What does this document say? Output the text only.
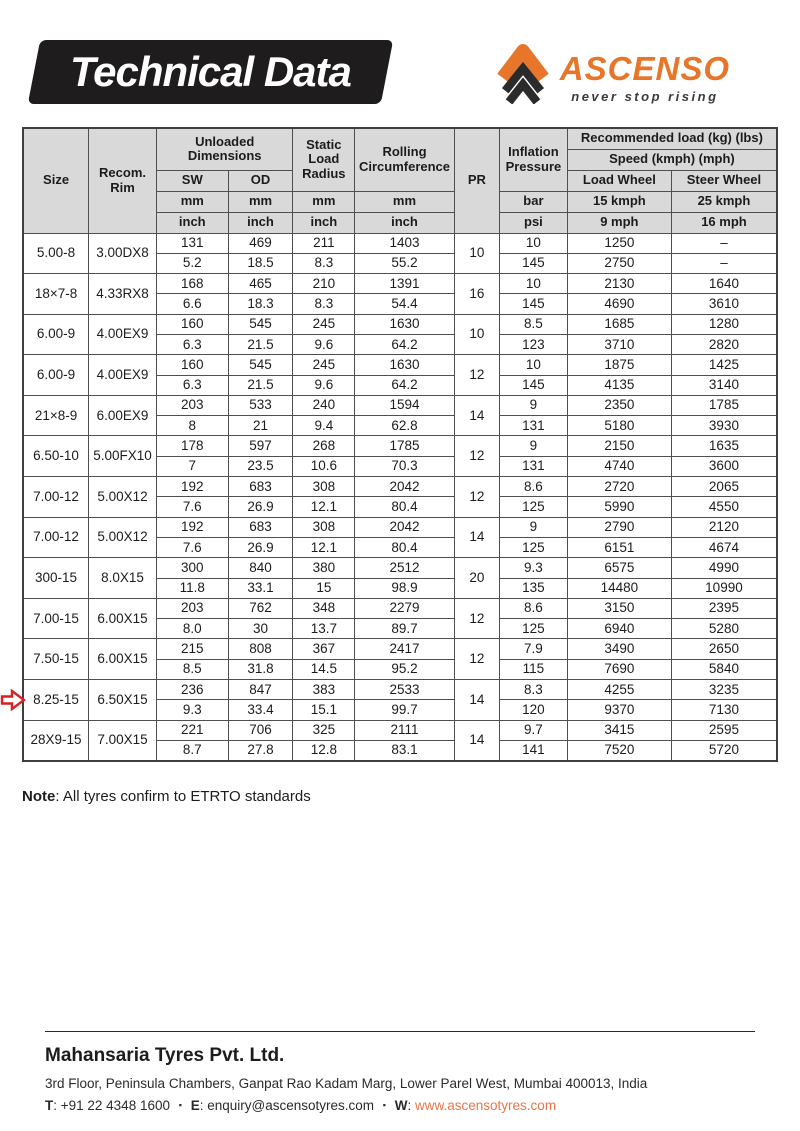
Technical Data	ASCENSO
never stop rising
Size	Recom. Rim	Unloaded Dimensions		Static Load Radius	Rolling Circumference	PR	Inflation Pressure	Recommended load (kg) (lbs)	
								Speed (kmph) (mph)	
		SW	OD					Load Wheel	Steer Wheel
		mm	mm	mm	mm		bar	15 kmph	25 kmph
		inch	inch	inch	inch		psi	9 mph	16 mph
5.00-8	3.00DX8	131	469	211	1403	10	10	1250	–
		5.2	18.5	8.3	55.2		145	2750	–
18×7-8	4.33RX8	168	465	210	1391	16	10	2130	1640
		6.6	18.3	8.3	54.4		145	4690	3610
6.00-9	4.00EX9	160	545	245	1630	10	8.5	1685	1280
		6.3	21.5	9.6	64.2		123	3710	2820
6.00-9	4.00EX9	160	545	245	1630	12	10	1875	1425
		6.3	21.5	9.6	64.2		145	4135	3140
21×8-9	6.00EX9	203	533	240	1594	14	9	2350	1785
		8	21	9.4	62.8		131	5180	3930
6.50-10	5.00FX10	178	597	268	1785	12	9	2150	1635
		7	23.5	10.6	70.3		131	4740	3600
7.00-12	5.00X12	192	683	308	2042	12	8.6	2720	2065
		7.6	26.9	12.1	80.4		125	5990	4550
7.00-12	5.00X12	192	683	308	2042	14	9	2790	2120
		7.6	26.9	12.1	80.4		125	6151	4674
300-15	8.0X15	300	840	380	2512	20	9.3	6575	4990
		11.8	33.1	15	98.9		135	14480	10990
7.00-15	6.00X15	203	762	348	2279	12	8.6	3150	2395
		8.0	30	13.7	89.7		125	6940	5280
7.50-15	6.00X15	215	808	367	2417	12	7.9	3490	2650
		8.5	31.8	14.5	95.2		115	7690	5840
8.25-15	6.50X15	236	847	383	2533	14	8.3	4255	3235
		9.3	33.4	15.1	99.7		120	9370	7130
28X9-15	7.00X15	221	706	325	2111	14	9.7	3415	2595
		8.7	27.8	12.8	83.1		141	7520	5720

Note: All tyres confirm to ETRTO standards

Mahansaria Tyres Pvt. Ltd.
3rd Floor, Peninsula Chambers, Ganpat Rao Kadam Marg, Lower Parel West, Mumbai 400013, India
T: +91 22 4348 1600 ▪ E: enquiry@ascensotyres.com ▪ W: www.ascensotyres.com
